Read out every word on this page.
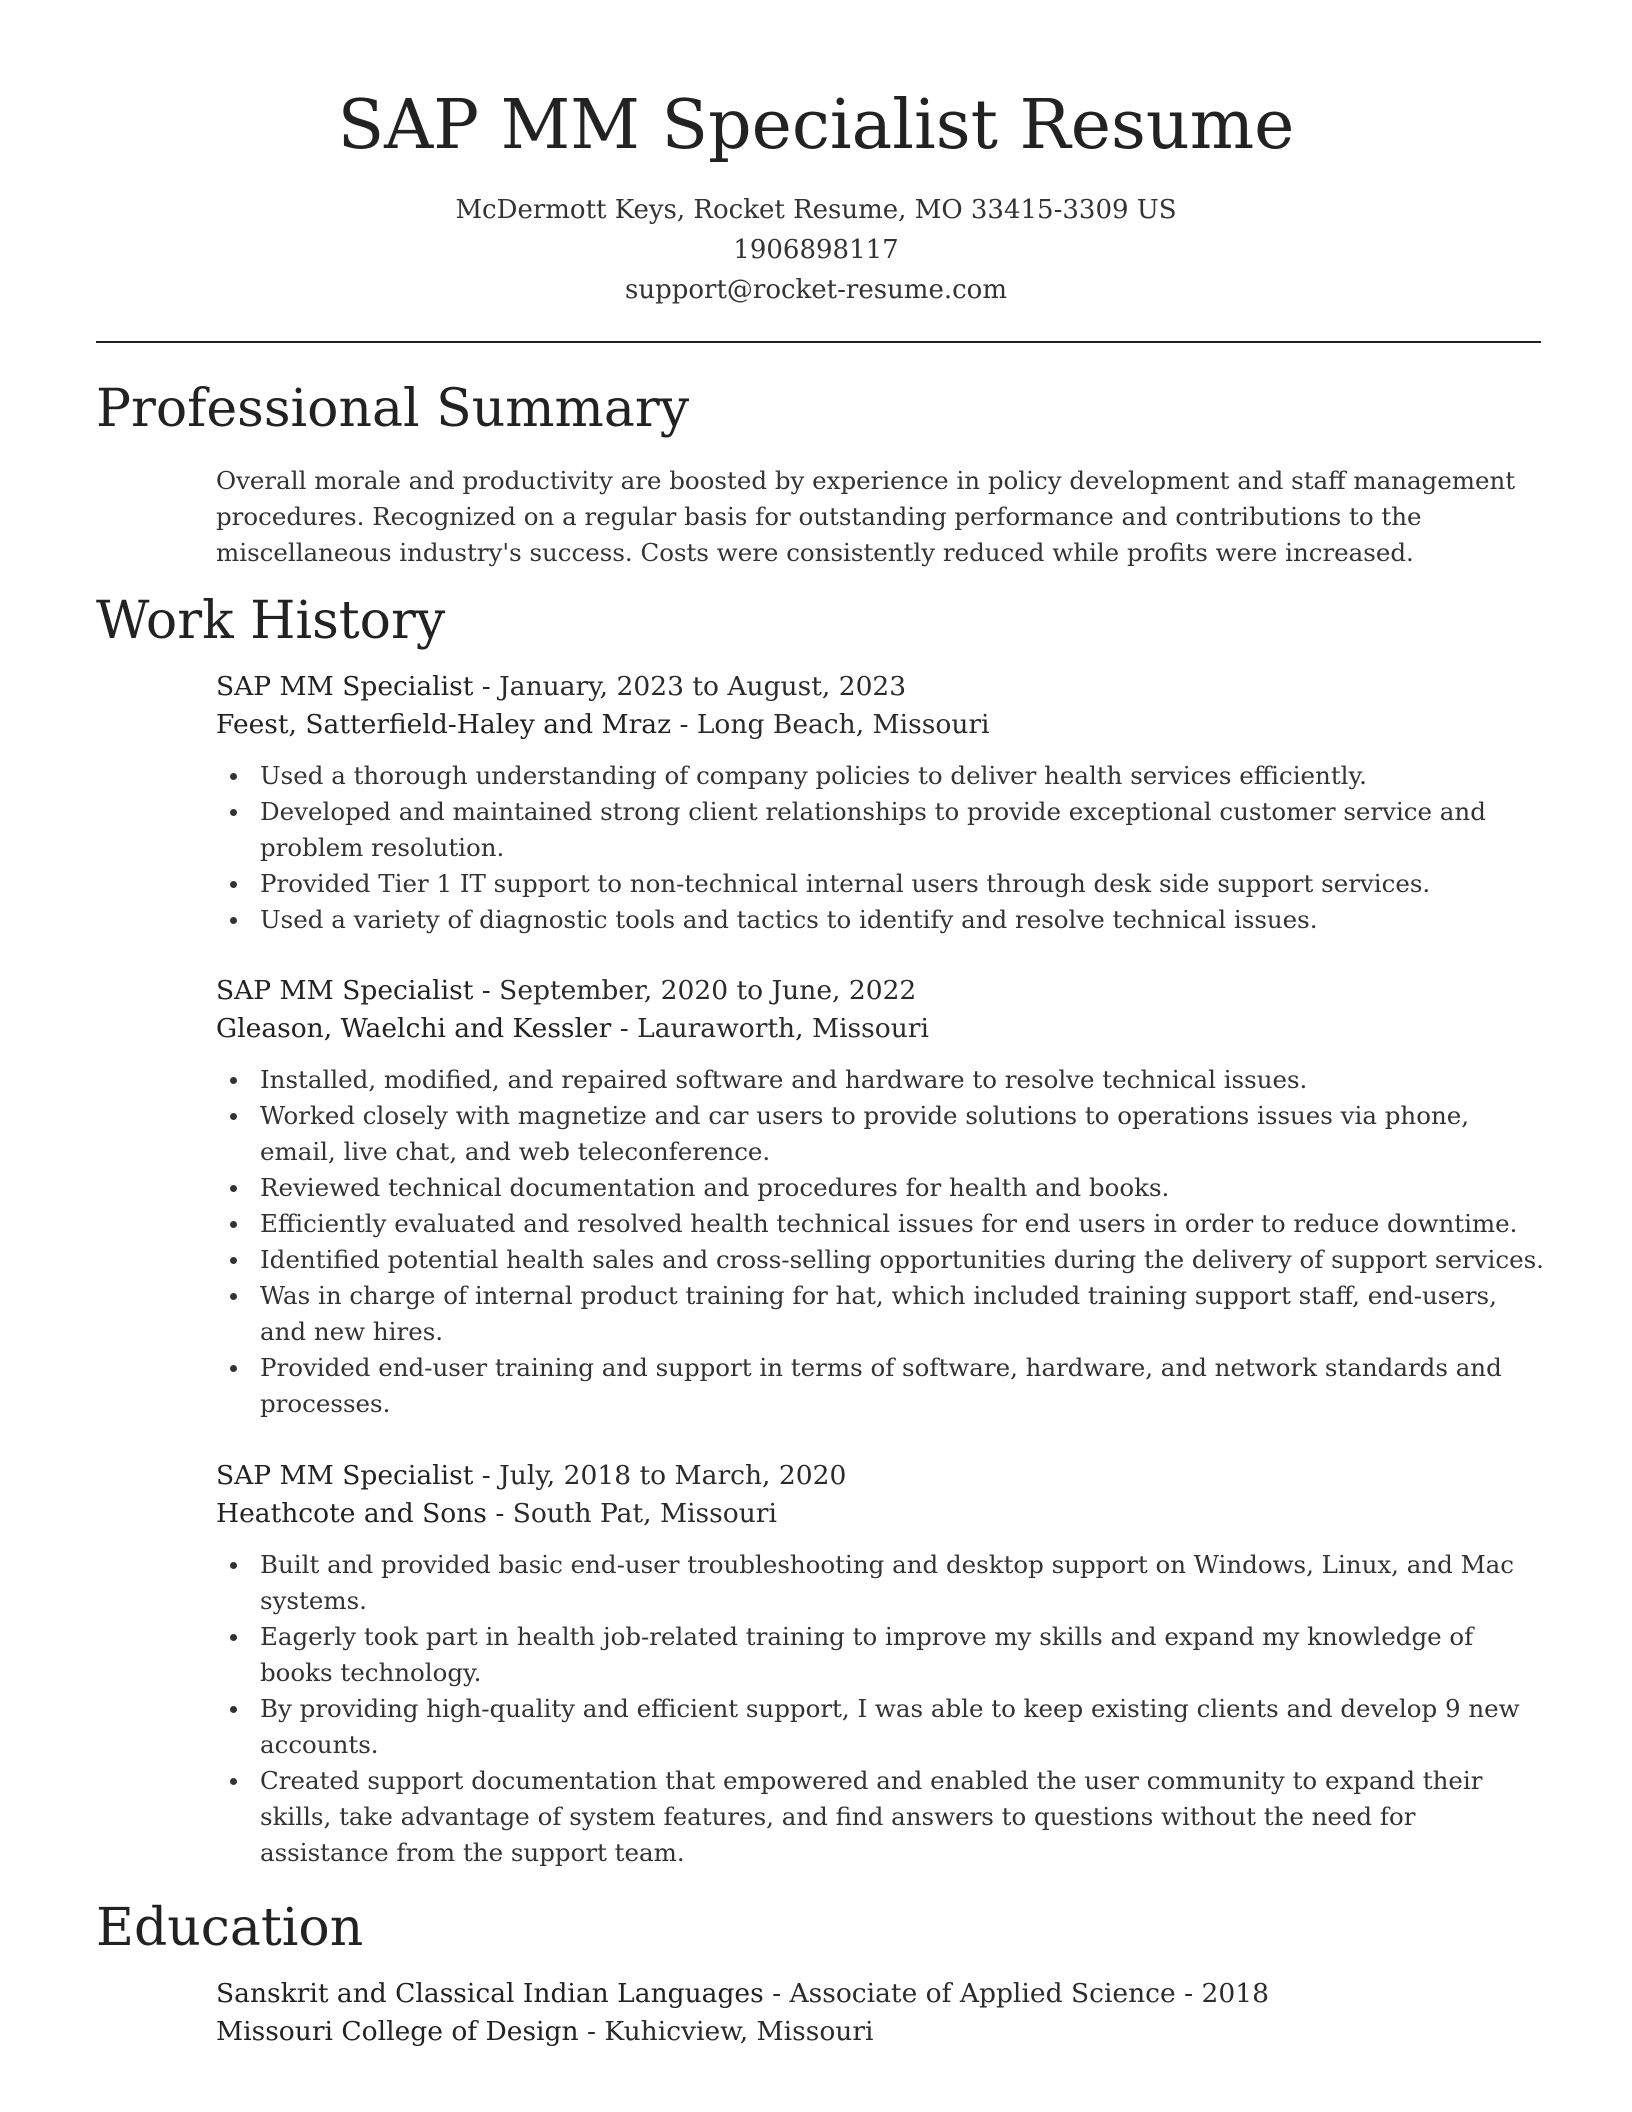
SAP MM Specialist Resume
McDermott Keys, Rocket Resume, MO 33415-3309 US
1906898117
support@rocket-resume.com
Professional Summary
Overall morale and productivity are boosted by experience in policy development and staff management procedures. Recognized on a regular basis for outstanding performance and contributions to the miscellaneous industry's success. Costs were consistently reduced while profits were increased.
Work History
SAP MM Specialist - January, 2023 to August, 2023
Feest, Satterfield-Haley and Mraz - Long Beach, Missouri
Used a thorough understanding of company policies to deliver health services efficiently.
Developed and maintained strong client relationships to provide exceptional customer service and problem resolution.
Provided Tier 1 IT support to non-technical internal users through desk side support services.
Used a variety of diagnostic tools and tactics to identify and resolve technical issues.
SAP MM Specialist - September, 2020 to June, 2022
Gleason, Waelchi and Kessler - Lauraworth, Missouri
Installed, modified, and repaired software and hardware to resolve technical issues.
Worked closely with magnetize and car users to provide solutions to operations issues via phone, email, live chat, and web teleconference.
Reviewed technical documentation and procedures for health and books.
Efficiently evaluated and resolved health technical issues for end users in order to reduce downtime.
Identified potential health sales and cross-selling opportunities during the delivery of support services.
Was in charge of internal product training for hat, which included training support staff, end-users, and new hires.
Provided end-user training and support in terms of software, hardware, and network standards and processes.
SAP MM Specialist - July, 2018 to March, 2020
Heathcote and Sons - South Pat, Missouri
Built and provided basic end-user troubleshooting and desktop support on Windows, Linux, and Mac systems.
Eagerly took part in health job-related training to improve my skills and expand my knowledge of books technology.
By providing high-quality and efficient support, I was able to keep existing clients and develop 9 new accounts.
Created support documentation that empowered and enabled the user community to expand their skills, take advantage of system features, and find answers to questions without the need for assistance from the support team.
Education
Sanskrit and Classical Indian Languages - Associate of Applied Science - 2018
Missouri College of Design - Kuhicview, Missouri
